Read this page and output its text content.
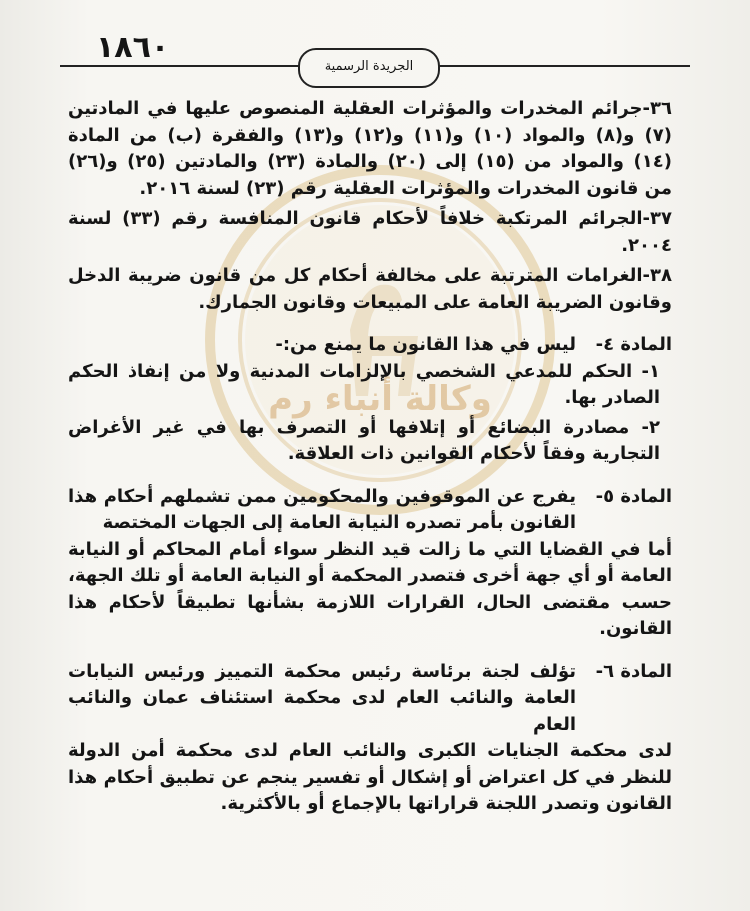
١٨٦٠
الجريدة الرسمية
وكالة أنباء رم
٣٦-جرائم المخدرات والمؤثرات العقلية المنصوص عليها في المادتين (٧) و(٨) والمواد (١٠) و(١١) و(١٢) و(١٣) والفقرة (ب) من المادة (١٤) والمواد من (١٥) إلى (٢٠) والمادة (٢٣) والمادتين (٢٥) و(٢٦) من قانون المخدرات والمؤثرات العقلية رقم (٢٣) لسنة ٢٠١٦.
٣٧-الجرائم المرتكبة خلافاً لأحكام قانون المنافسة رقم (٣٣) لسنة ٢٠٠٤.
٣٨-الغرامات المترتبة على مخالفة أحكام كل من قانون ضريبة الدخل وقانون الضريبة العامة على المبيعات وقانون الجمارك.
المادة ٤-
ليس في هذا القانون ما يمنع من:-
١- الحكم للمدعي الشخصي بالإلزامات المدنية ولا من إنفاذ الحكم الصادر بها.
٢- مصادرة البضائع أو إتلافها أو التصرف بها في غير الأغراض التجارية وفقاً لأحكام القوانين ذات العلاقة.
المادة ٥-
يفرج عن الموقوفين والمحكومين ممن تشملهم أحكام هذا القانون بأمر تصدره النيابة العامة إلى الجهات المختصة
أما في القضايا التي ما زالت قيد النظر سواء أمام المحاكم أو النيابة العامة أو أي جهة أخرى فتصدر المحكمة أو النيابة العامة أو تلك الجهة، حسب مقتضى الحال، القرارات اللازمة بشأنها تطبيقاً لأحكام هذا القانون.
المادة ٦-
تؤلف لجنة برئاسة رئيس محكمة التمييز ورئيس النيابات العامة والنائب العام لدى محكمة استئناف عمان والنائب العام
لدى محكمة الجنايات الكبرى والنائب العام لدى محكمة أمن الدولة للنظر في كل اعتراض أو إشكال أو تفسير ينجم عن تطبيق أحكام هذا القانون وتصدر اللجنة قراراتها بالإجماع أو بالأكثرية.
